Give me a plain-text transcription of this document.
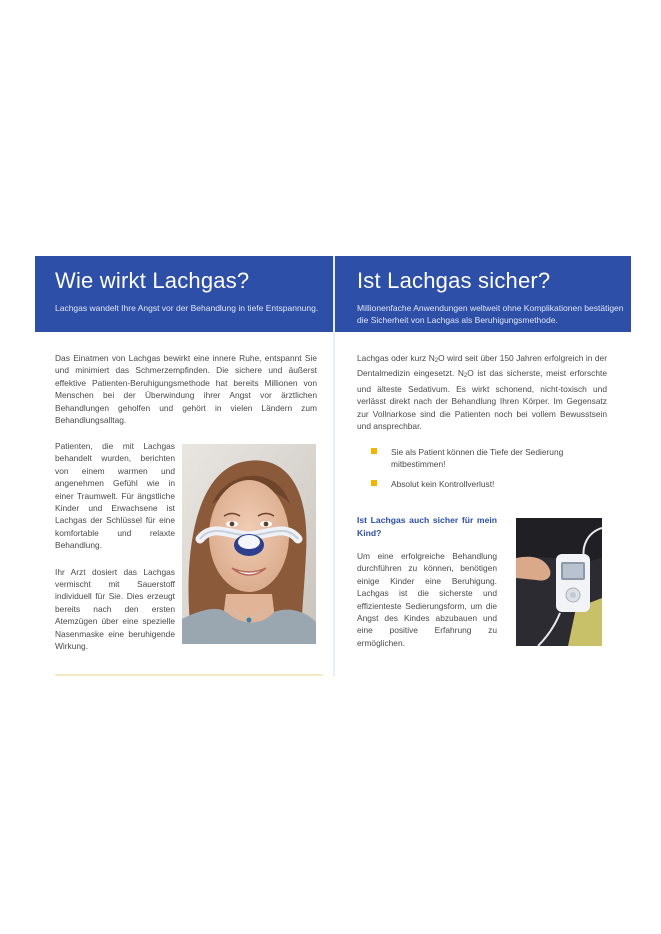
Wie wirkt Lachgas?

Lachgas wandelt Ihre Angst vor der Behandlung in tiefe Entspannung.

Das Einatmen von Lachgas bewirkt eine innere Ruhe, entspannt Sie und minimiert das Schmerzempfinden. Die sichere und äußerst effektive Patienten-Beruhigungsmethode hat bereits Millionen von Menschen bei der Überwindung ihrer Angst vor ärztlichen Behandlungen geholfen und gehört in vielen Ländern zum Behandlungsalltag.

Patienten, die mit Lachgas behandelt wurden, berichten von einem warmen und angenehmen Gefühl wie in einer Traumwelt. Für ängstliche Kinder und Erwachsene ist Lachgas der Schlüssel für eine komfortable und relaxte Behandlung.

Ihr Arzt dosiert das Lachgas vermischt mit Sauerstoff individuell für Sie. Dies erzeugt bereits nach den ersten Atemzügen über eine spezielle Nasenmaske eine beruhigende Wirkung.

Ist Lachgas sicher?

Millionenfache Anwendungen weltweit ohne Komplikationen bestätigen die Sicherheit von Lachgas als Beruhigungsmethode.

Lachgas oder kurz $N_2O$ wird seit über 150 Jahren erfolgreich in der Dentalmedizin eingesetzt. $N_2O$ ist das sicherste, meist erforschte und älteste Sedativum. Es wirkt schonend, nicht-toxisch und verlässt direkt nach der Behandlung Ihren Körper. Im Gegensatz zur Vollnarkose sind die Patienten noch bei vollem Bewusstsein und ansprechbar.

Sie als Patient können die Tiefe der Sedierung mitbestimmen!
Absolut kein Kontrollverlust!
Ist Lachgas auch sicher für mein Kind?

Um eine erfolgreiche Behandlung durchführen zu können, benötigen einige Kinder eine Beruhigung. Lachgas ist die sicherste und effizienteste Sedierungsform, um die Angst des Kindes abzubauen und eine positive Erfahrung zu ermöglichen.
